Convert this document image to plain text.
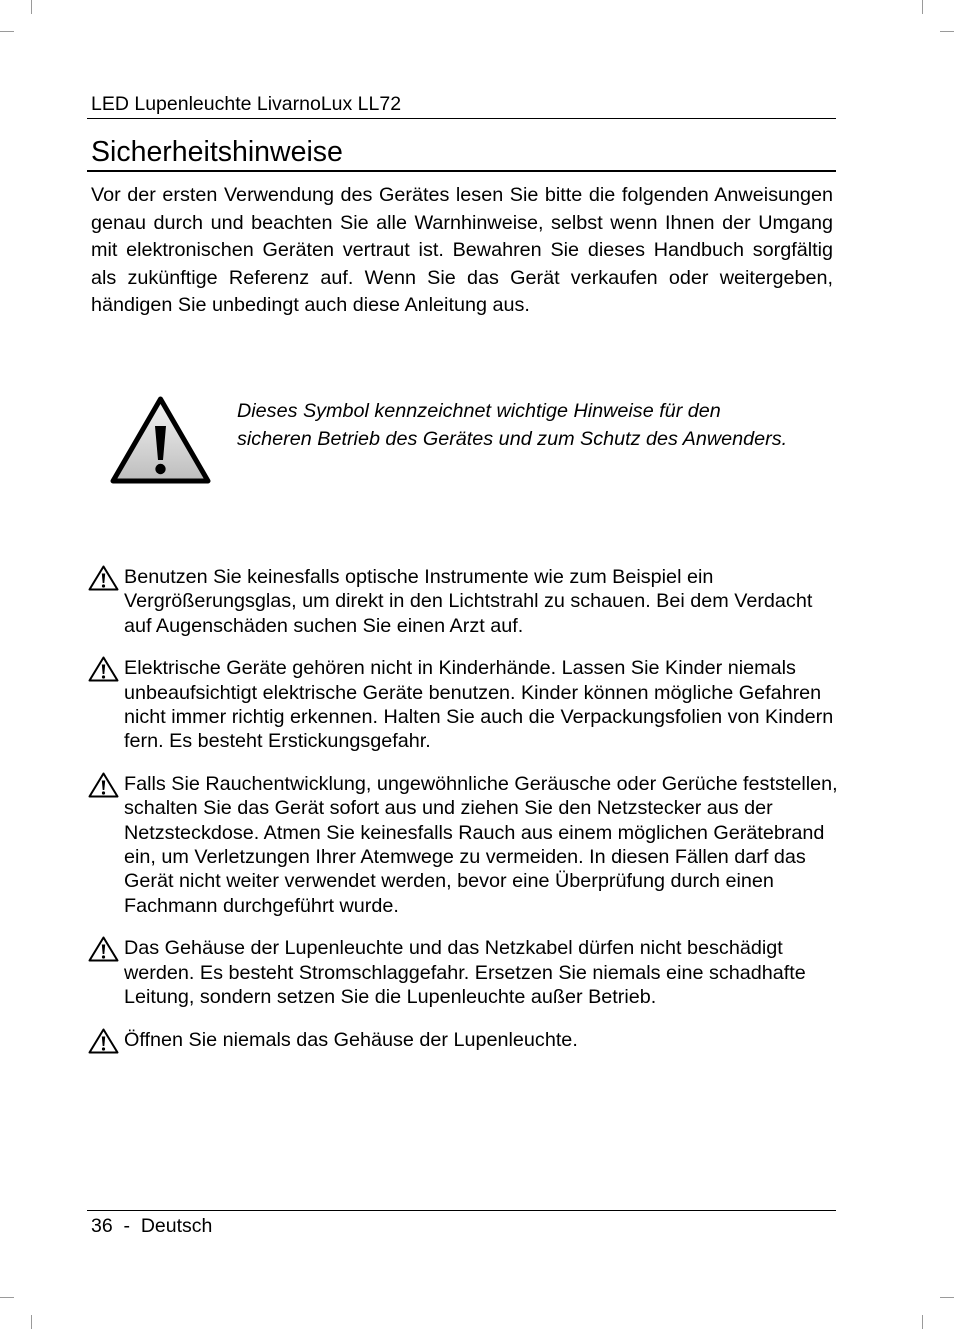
LED Lupenleuchte LivarnoLux LL72
Sicherheitshinweise

Vor der ersten Verwendung des Gerätes lesen Sie bitte die folgenden Anweisungen genau durch und beachten Sie alle Warnhinweise, selbst wenn Ihnen der Umgang mit elektronischen Geräten vertraut ist. Bewahren Sie dieses Handbuch sorgfältig als zukünftige Referenz auf. Wenn Sie das Gerät verkaufen oder weitergeben, händigen Sie unbedingt auch diese Anleitung aus.

Dieses Symbol kennzeichnet wichtige Hinweise für den sicheren Betrieb des Gerätes und zum Schutz des Anwenders.

Benutzen Sie keinesfalls optische Instrumente wie zum Beispiel ein Vergrößerungsglas, um direkt in den Lichtstrahl zu schauen. Bei dem Verdacht auf Augenschäden suchen Sie einen Arzt auf.

Elektrische Geräte gehören nicht in Kinderhände. Lassen Sie Kinder niemals unbeaufsichtigt elektrische Geräte benutzen. Kinder können mögliche Gefahren nicht immer richtig erkennen. Halten Sie auch die Verpackungsfolien von Kindern fern. Es besteht Erstickungsgefahr.

Falls Sie Rauchentwicklung, ungewöhnliche Geräusche oder Gerüche feststellen, schalten Sie das Gerät sofort aus und ziehen Sie den Netzstecker aus der Netzsteckdose. Atmen Sie keinesfalls Rauch aus einem möglichen Gerätebrand ein, um Verletzungen Ihrer Atemwege zu vermeiden. In diesen Fällen darf das Gerät nicht weiter verwendet werden, bevor eine Überprüfung durch einen Fachmann durchgeführt wurde.

Das Gehäuse der Lupenleuchte und das Netzkabel dürfen nicht beschädigt werden. Es besteht Stromschlaggefahr. Ersetzen Sie niemals eine schadhafte Leitung, sondern setzen Sie die Lupenleuchte außer Betrieb.

Öffnen Sie niemals das Gehäuse der Lupenleuchte.

36  -  Deutsch
